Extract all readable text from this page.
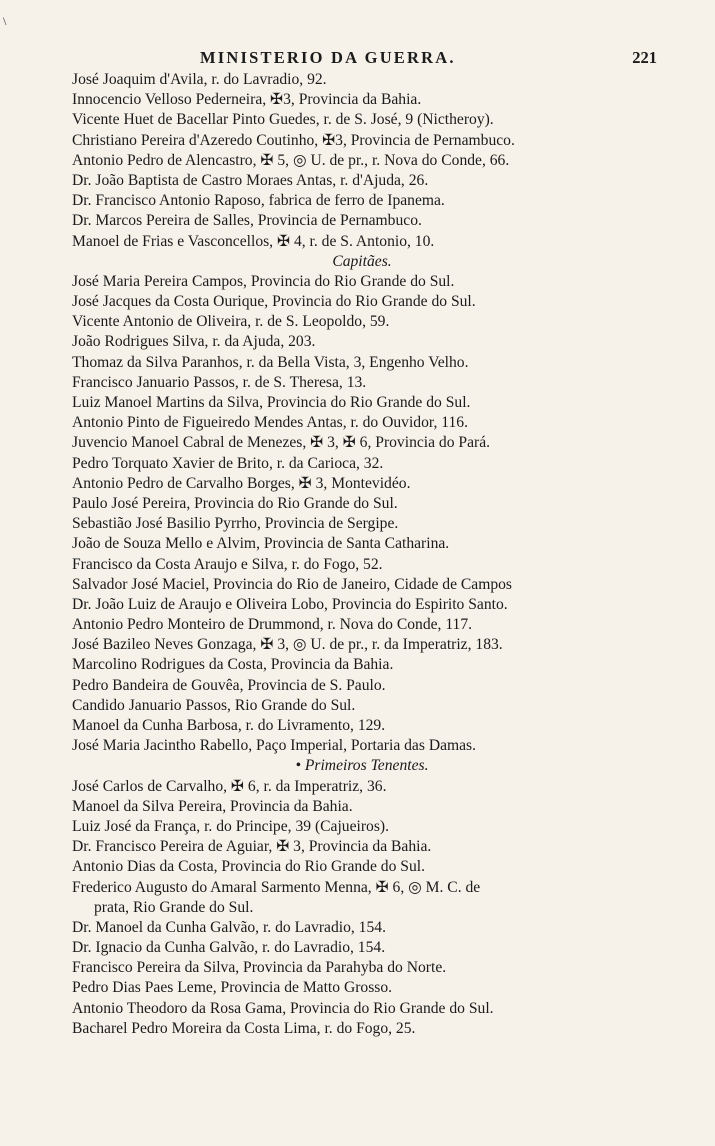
\
MINISTERIO DA GUERRA.	221
José Joaquim d'Avila, r. do Lavradio, 92.
Innocencio Velloso Pederneira, ✠3, Provincia da Bahia.
Vicente Huet de Bacellar Pinto Guedes, r. de S. José, 9 (Nictheroy).
Christiano Pereira d'Azeredo Coutinho, ✠3, Provincia de Pernambuco.
Antonio Pedro de Alencastro, ✠ 5, ◎ U. de pr., r. Nova do Conde, 66.
Dr. João Baptista de Castro Moraes Antas, r. d'Ajuda, 26.
Dr. Francisco Antonio Raposo, fabrica de ferro de Ipanema.
Dr. Marcos Pereira de Salles, Provincia de Pernambuco.
Manoel de Frias e Vasconcellos, ✠ 4, r. de S. Antonio, 10.
Capitães.
José Maria Pereira Campos, Provincia do Rio Grande do Sul.
José Jacques da Costa Ourique, Provincia do Rio Grande do Sul.
Vicente Antonio de Oliveira, r. de S. Leopoldo, 59.
João Rodrigues Silva, r. da Ajuda, 203.
Thomaz da Silva Paranhos, r. da Bella Vista, 3, Engenho Velho.
Francisco Januario Passos, r. de S. Theresa, 13.
Luiz Manoel Martins da Silva, Provincia do Rio Grande do Sul.
Antonio Pinto de Figueiredo Mendes Antas, r. do Ouvidor, 116.
Juvencio Manoel Cabral de Menezes, ✠ 3, ✠ 6, Provincia do Pará.
Pedro Torquato Xavier de Brito, r. da Carioca, 32.
Antonio Pedro de Carvalho Borges, ✠ 3, Montevidéo.
Paulo José Pereira, Provincia do Rio Grande do Sul.
Sebastião José Basilio Pyrrho, Provincia de Sergipe.
João de Souza Mello e Alvim, Provincia de Santa Catharina.
Francisco da Costa Araujo e Silva, r. do Fogo, 52.
Salvador José Maciel, Provincia do Rio de Janeiro, Cidade de Campos
Dr. João Luiz de Araujo e Oliveira Lobo, Provincia do Espirito Santo.
Antonio Pedro Monteiro de Drummond, r. Nova do Conde, 117.
José Bazileo Neves Gonzaga, ✠ 3, ◎ U. de pr., r. da Imperatriz, 183.
Marcolino Rodrigues da Costa, Provincia da Bahia.
Pedro Bandeira de Gouvêa, Provincia de S. Paulo.
Candido Januario Passos, Rio Grande do Sul.
Manoel da Cunha Barbosa, r. do Livramento, 129.
José Maria Jacintho Rabello, Paço Imperial, Portaria das Damas.
• Primeiros Tenentes.
José Carlos de Carvalho, ✠ 6, r. da Imperatriz, 36.
Manoel da Silva Pereira, Provincia da Bahia.
Luiz José da França, r. do Principe, 39 (Cajueiros).
Dr. Francisco Pereira de Aguiar, ✠ 3, Provincia da Bahia.
Antonio Dias da Costa, Provincia do Rio Grande do Sul.
Frederico Augusto do Amaral Sarmento Menna, ✠ 6, ◎ M. C. de
prata, Rio Grande do Sul.
Dr. Manoel da Cunha Galvão, r. do Lavradio, 154.
Dr. Ignacio da Cunha Galvão, r. do Lavradio, 154.
Francisco Pereira da Silva, Provincia da Parahyba do Norte.
Pedro Dias Paes Leme, Provincia de Matto Grosso.
Antonio Theodoro da Rosa Gama, Provincia do Rio Grande do Sul.
Bacharel Pedro Moreira da Costa Lima, r. do Fogo, 25.
